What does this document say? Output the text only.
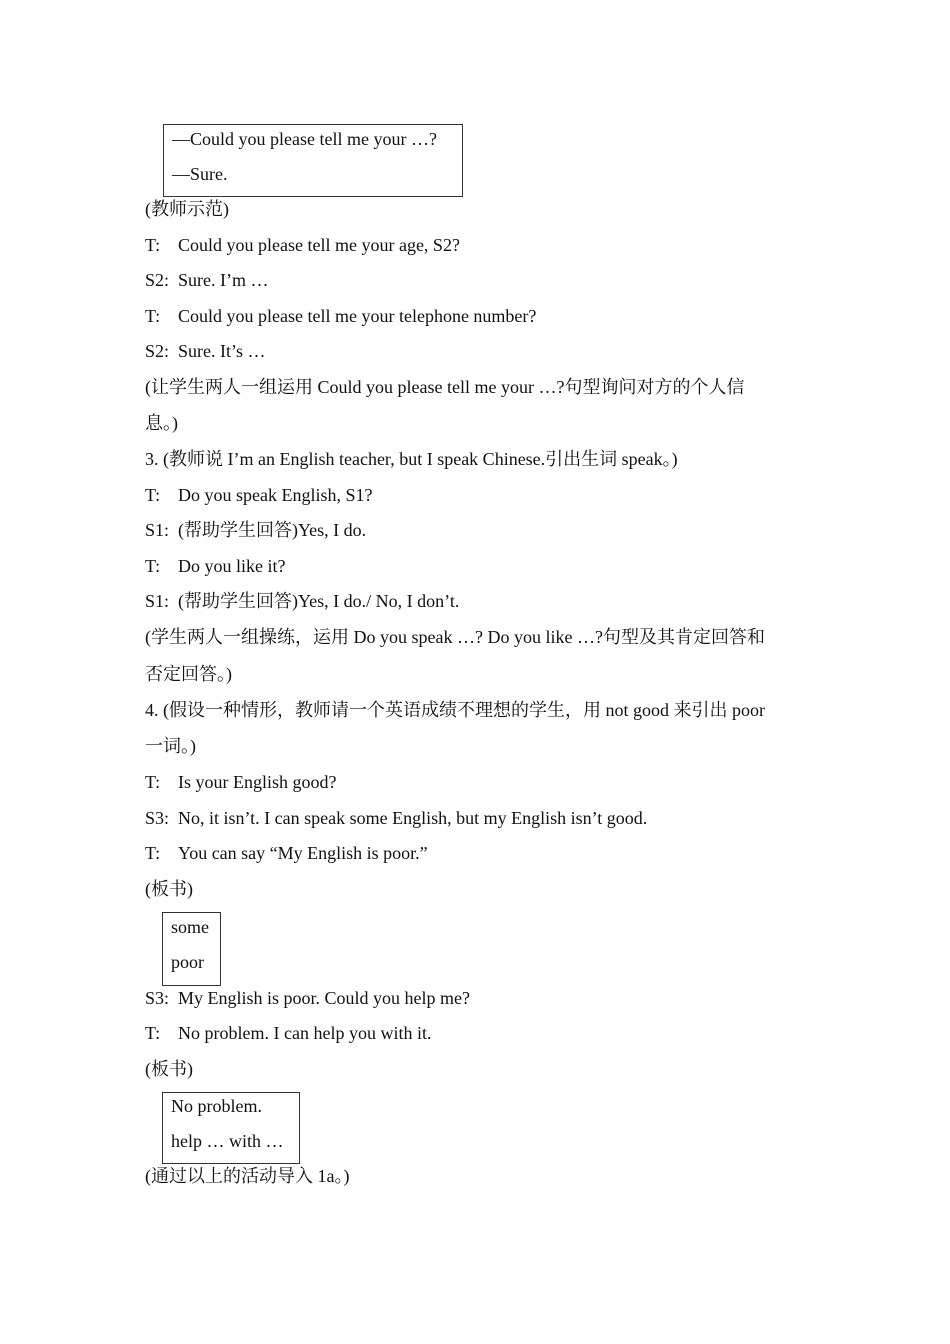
—Could you please tell me your …?
—Sure.
(教师示范)
T: Could you please tell me your age, S2?
S2: Sure. I’m …
T: Could you please tell me your telephone number?
S2: Sure. It’s …
(让学生两人一组运用 Could you please tell me your …?句型询问对方的个人信
息。)
3. (教师说 I’m an English teacher, but I speak Chinese.引出生词 speak。)
T: Do you speak English, S1?
S1: (帮助学生回答)Yes, I do.
T: Do you like it?
S1: (帮助学生回答)Yes, I do./ No, I don’t.
(学生两人一组操练，运用 Do you speak …? Do you like …?句型及其肯定回答和
否定回答。)
4. (假设一种情形，教师请一个英语成绩不理想的学生，用 not good 来引出 poor
一词。)
T: Is your English good?
S3: No, it isn’t. I can speak some English, but my English isn’t good.
T: You can say “My English is poor.”
(板书)
some
poor
S3: My English is poor. Could you help me?
T: No problem. I can help you with it.
(板书)
No problem.
help … with …
(通过以上的活动导入 1a。)
